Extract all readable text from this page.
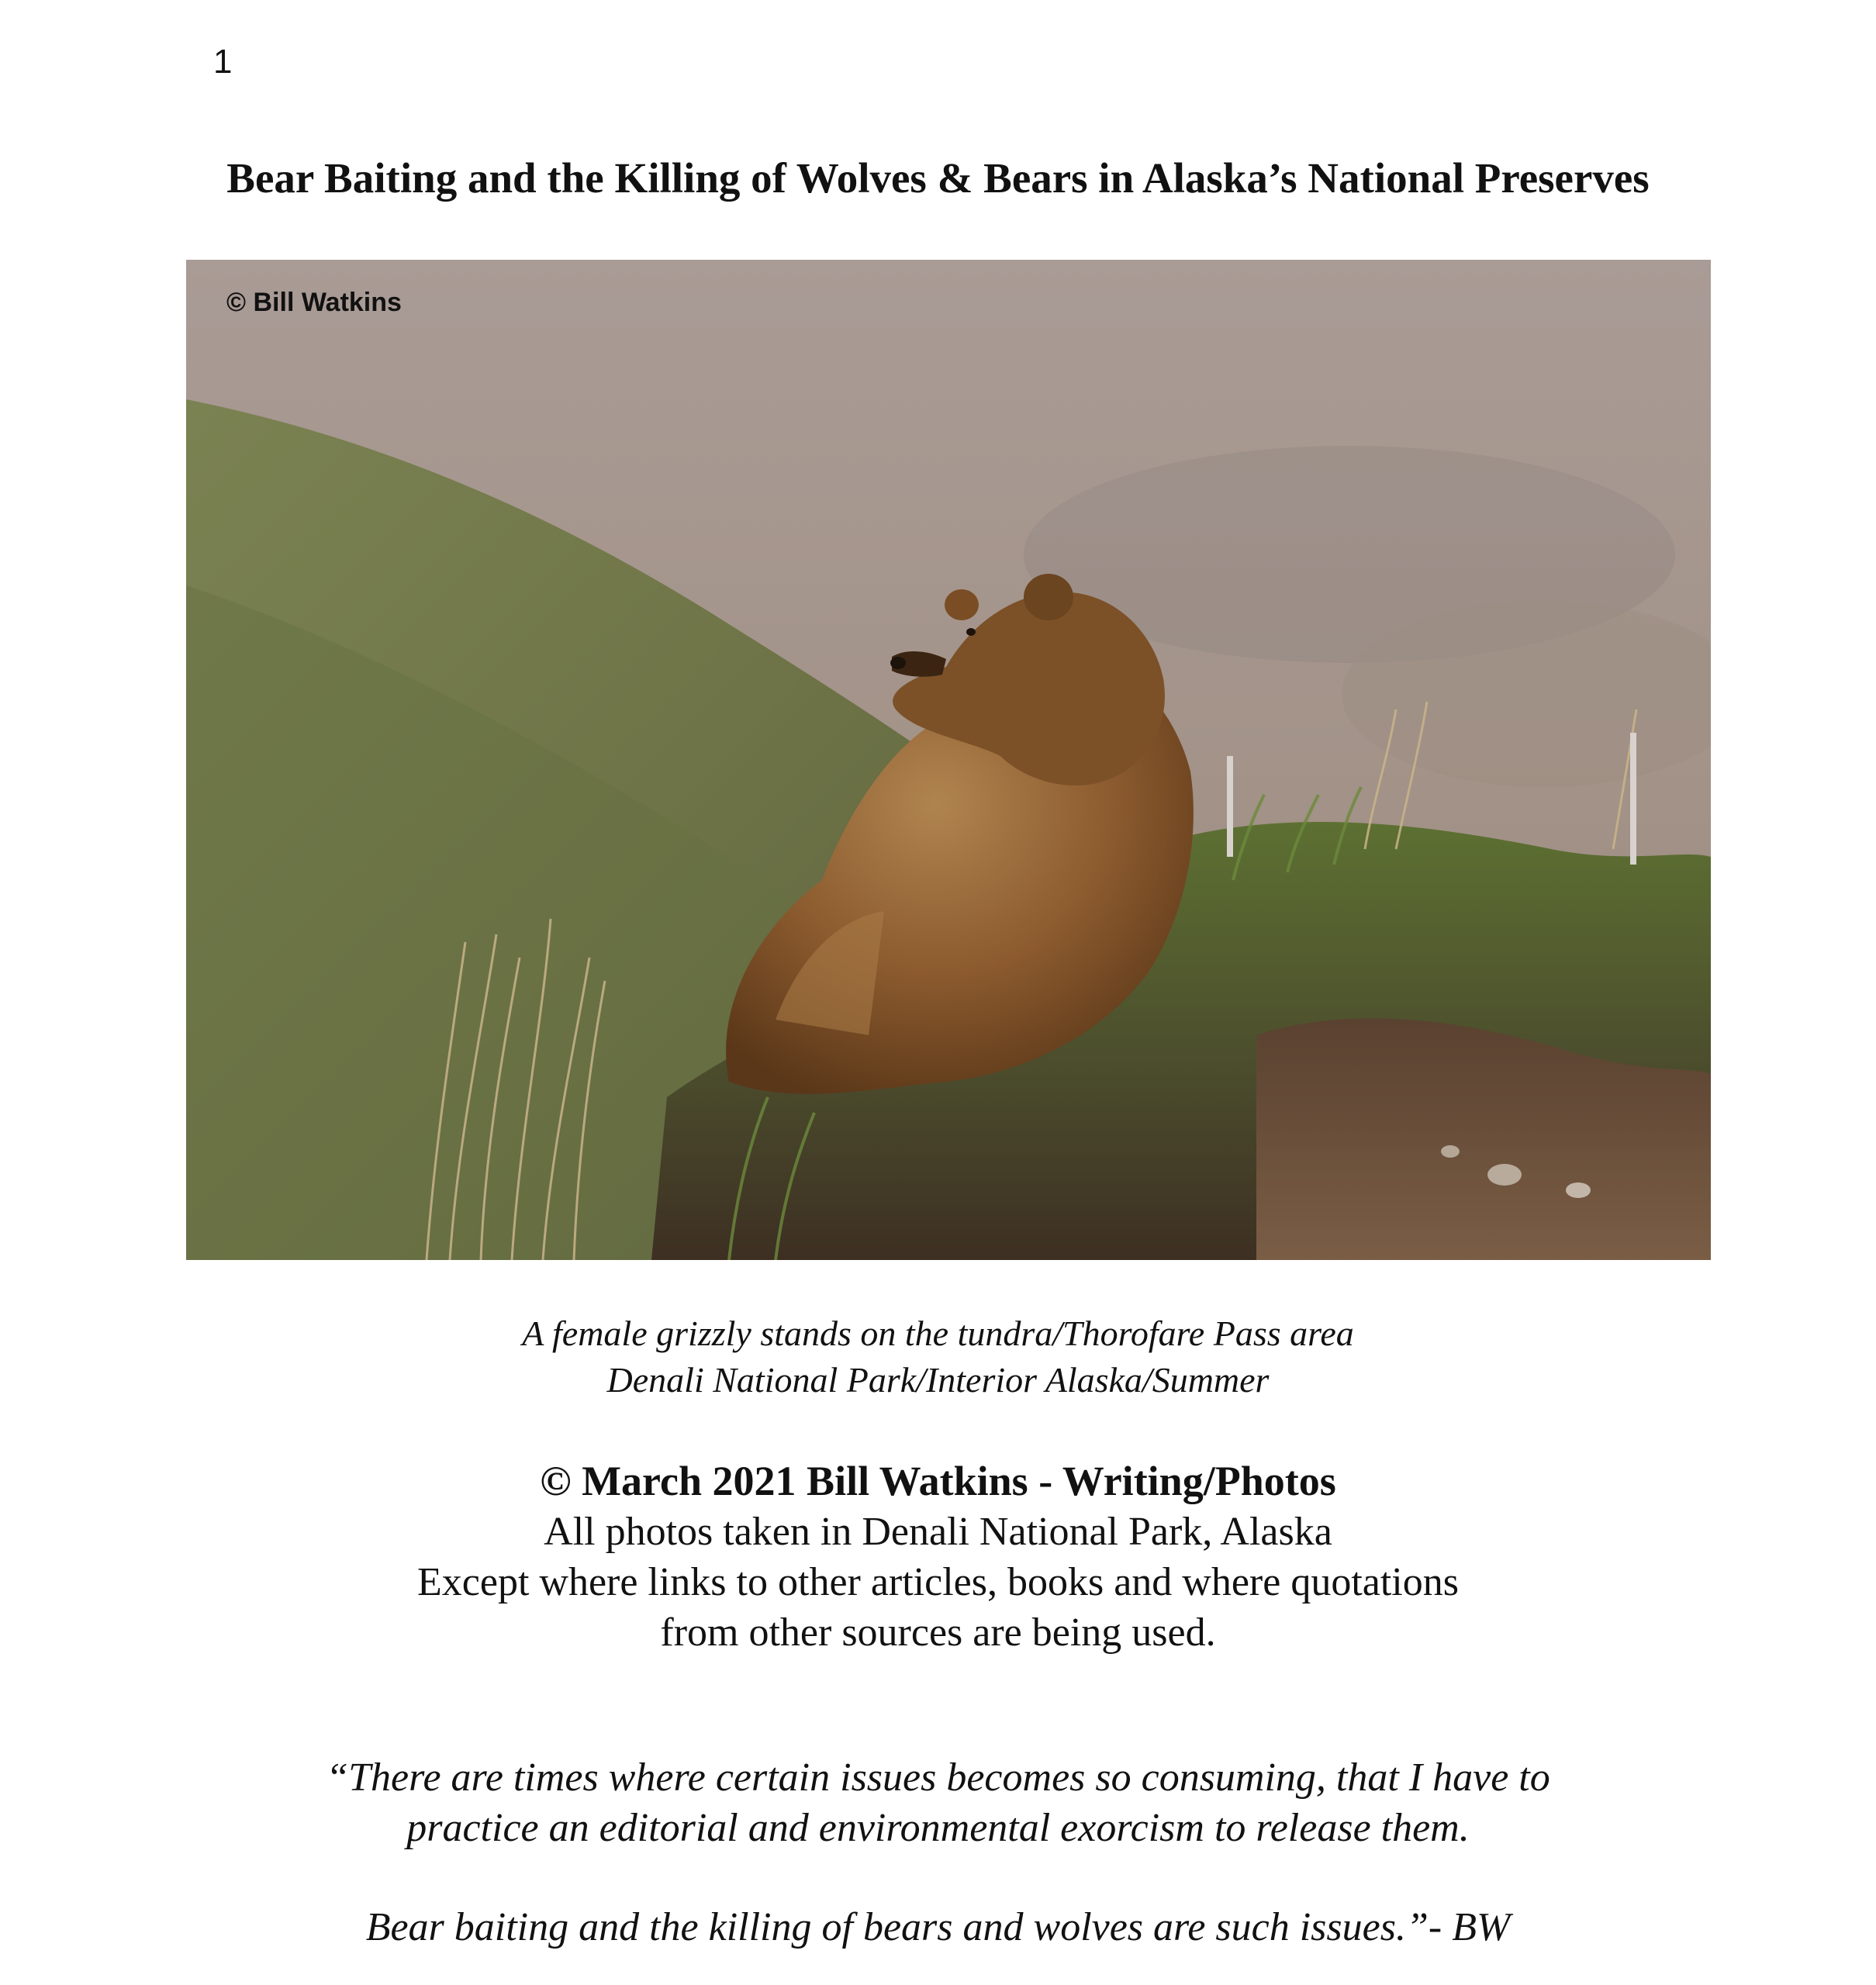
1
Bear Baiting and the Killing of Wolves & Bears in Alaska’s National Preserves
© Bill Watkins
A female grizzly stands on the tundra/Thorofare Pass area
Denali National Park/Interior Alaska/Summer
© March 2021 Bill Watkins - Writing/Photos
All photos taken in Denali National Park, Alaska
Except where links to other articles, books and where quotations
from other sources are being used.
“There are times where certain issues becomes so consuming, that I have to
practice an editorial and environmental exorcism to release them.
Bear baiting and the killing of bears and wolves are such issues.”- BW
